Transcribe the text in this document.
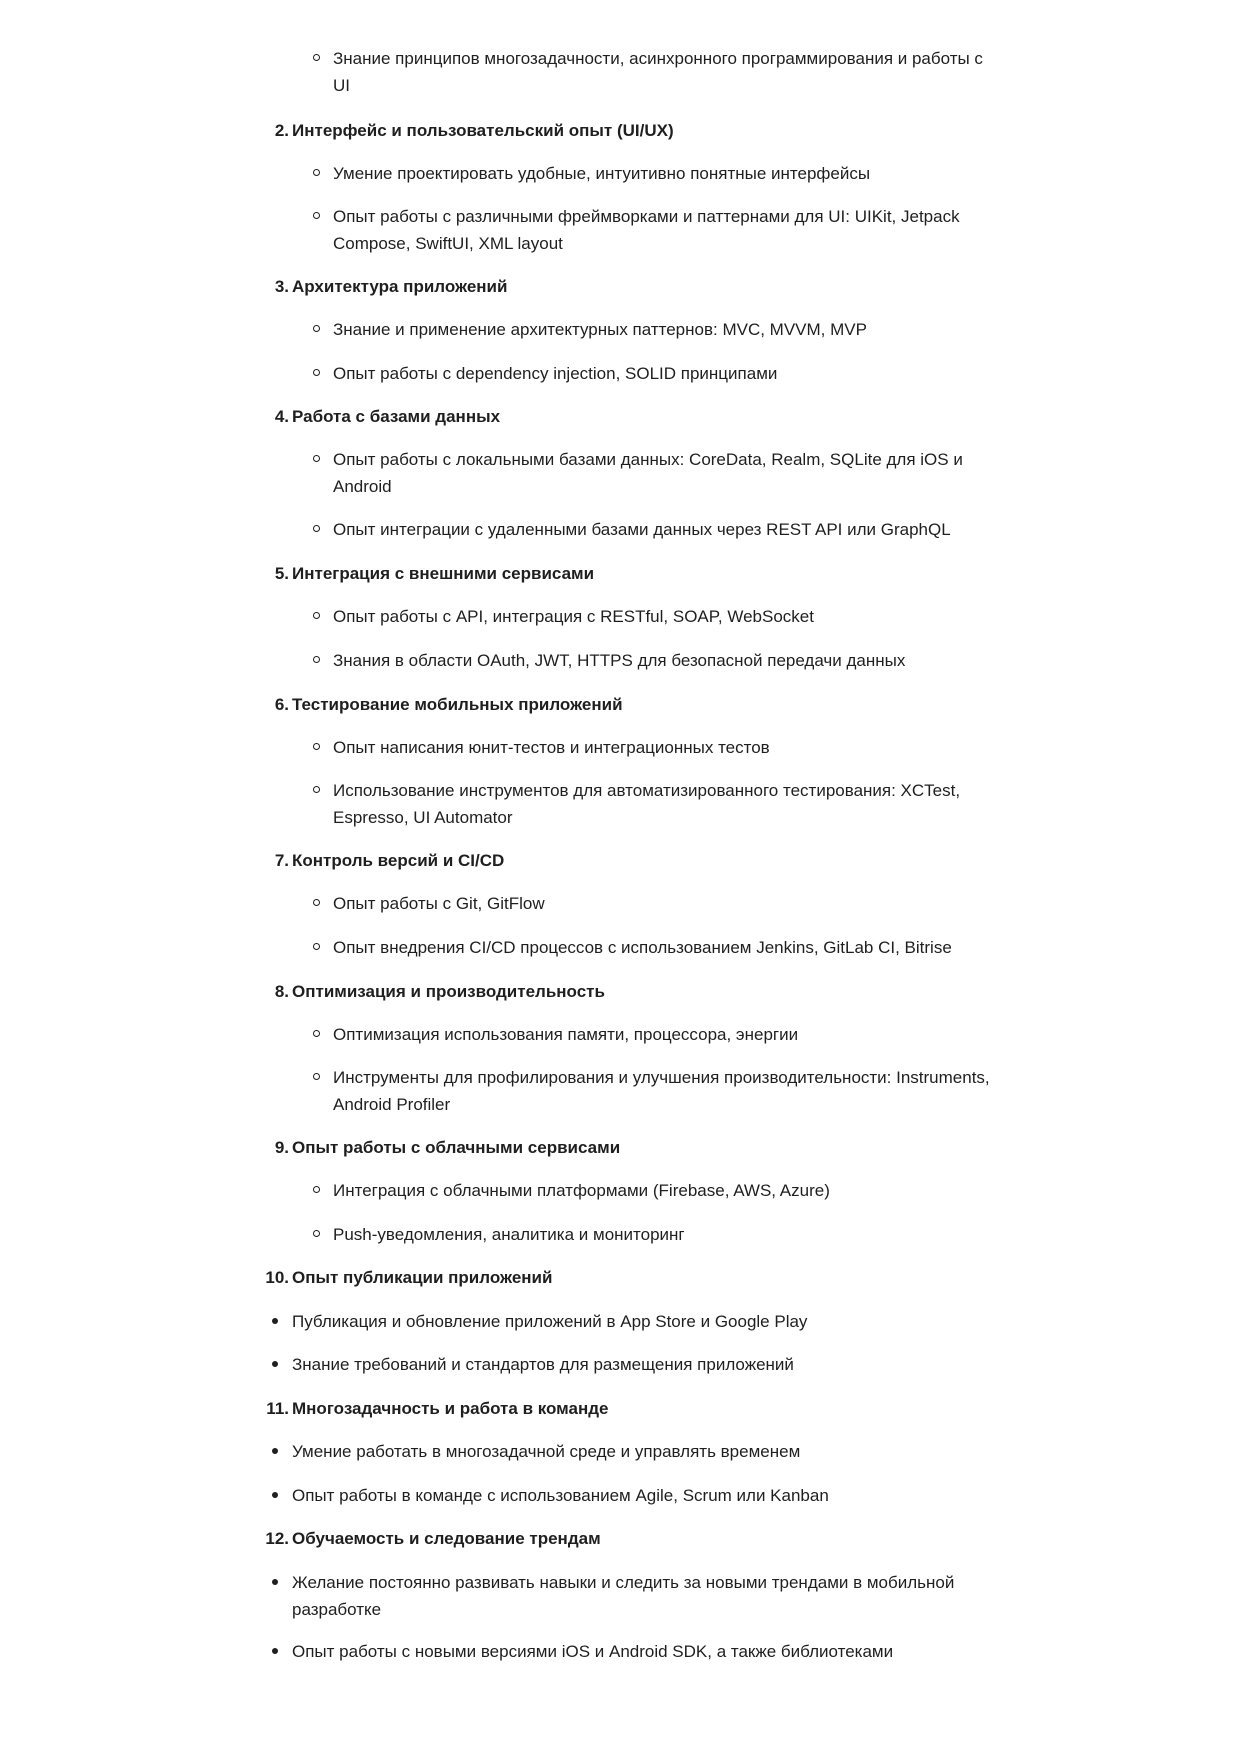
Знание принципов многозадачности, асинхронного программирования и работы с
UI
2. Интерфейс и пользовательский опыт (UI/UX)
Умение проектировать удобные, интуитивно понятные интерфейсы
Опыт работы с различными фреймворками и паттернами для UI: UIKit, Jetpack
Compose, SwiftUI, XML layout
3. Архитектура приложений
Знание и применение архитектурных паттернов: MVC, MVVM, MVP
Опыт работы с dependency injection, SOLID принципами
4. Работа с базами данных
Опыт работы с локальными базами данных: CoreData, Realm, SQLite для iOS и
Android
Опыт интеграции с удаленными базами данных через REST API или GraphQL
5. Интеграция с внешними сервисами
Опыт работы с API, интеграция с RESTful, SOAP, WebSocket
Знания в области OAuth, JWT, HTTPS для безопасной передачи данных
6. Тестирование мобильных приложений
Опыт написания юнит-тестов и интеграционных тестов
Использование инструментов для автоматизированного тестирования: XCTest,
Espresso, UI Automator
7. Контроль версий и CI/CD
Опыт работы с Git, GitFlow
Опыт внедрения CI/CD процессов с использованием Jenkins, GitLab CI, Bitrise
8. Оптимизация и производительность
Оптимизация использования памяти, процессора, энергии
Инструменты для профилирования и улучшения производительности: Instruments,
Android Profiler
9. Опыт работы с облачными сервисами
Интеграция с облачными платформами (Firebase, AWS, Azure)
Push-уведомления, аналитика и мониторинг
10. Опыт публикации приложений
Публикация и обновление приложений в App Store и Google Play
Знание требований и стандартов для размещения приложений
11. Многозадачность и работа в команде
Умение работать в многозадачной среде и управлять временем
Опыт работы в команде с использованием Agile, Scrum или Kanban
12. Обучаемость и следование трендам
Желание постоянно развивать навыки и следить за новыми трендами в мобильной
разработке
Опыт работы с новыми версиями iOS и Android SDK, а также библиотеками
